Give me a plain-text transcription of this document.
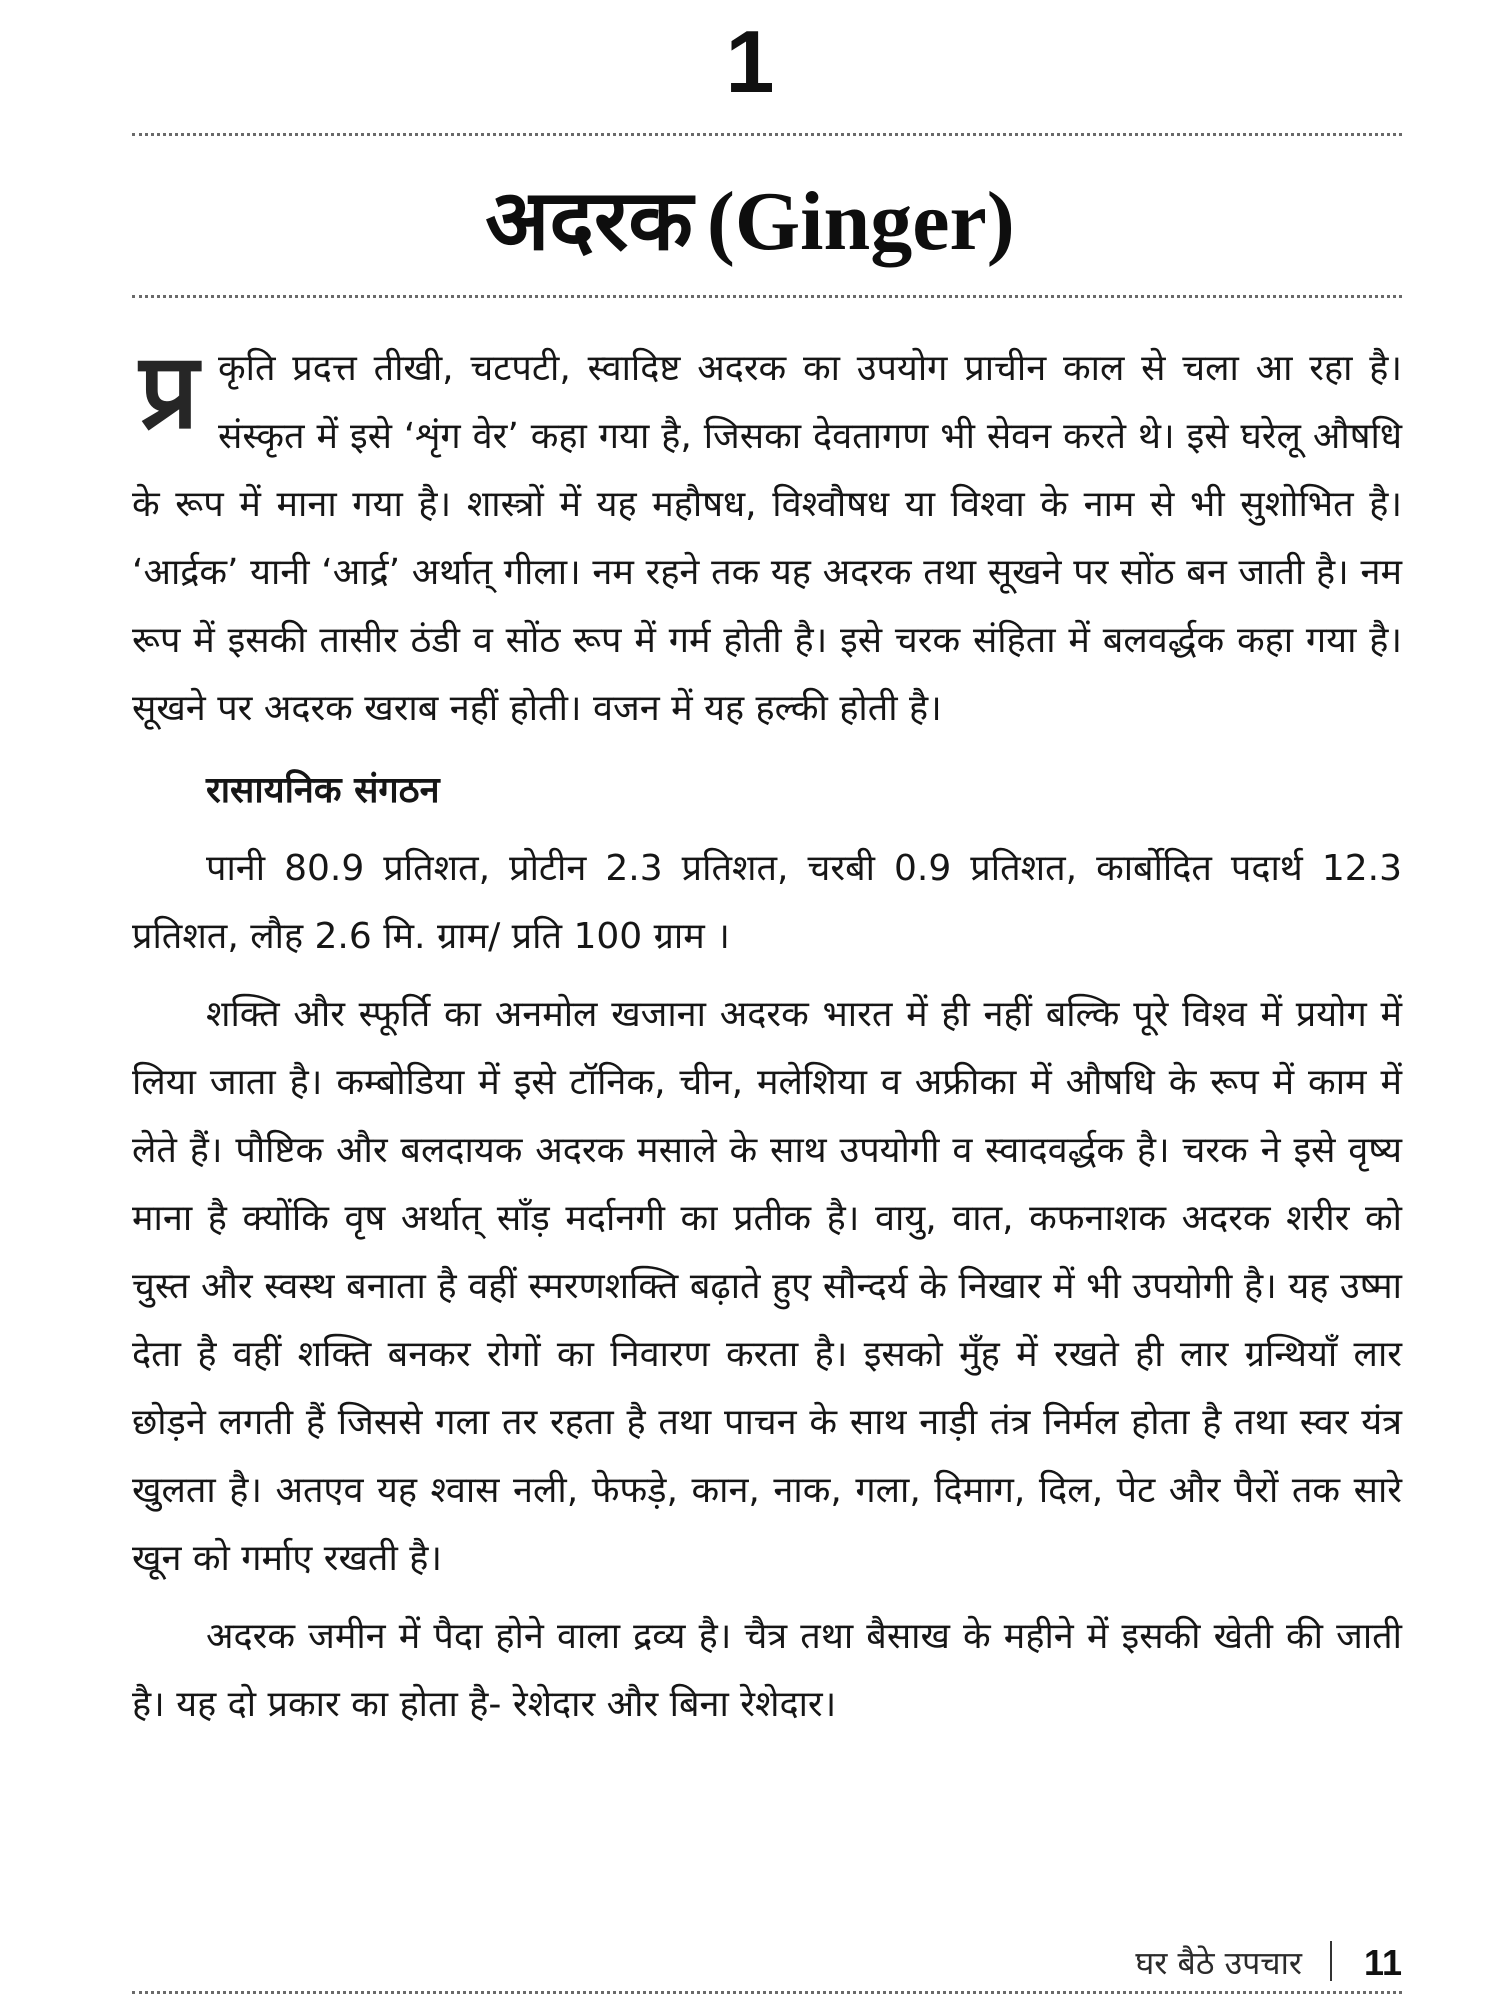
1
अदरक (Ginger)

प्र कृति प्रदत्त तीखी, चटपटी, स्वादिष्ट अदरक का उपयोग प्राचीन काल से चला आ रहा है। संस्कृत में इसे ‘शृंग वेर’ कहा गया है, जिसका देवतागण भी सेवन करते थे। इसे घरेलू औषधि के रूप में माना गया है। शास्त्रों में यह महौषध, विश्वौषध या विश्वा के नाम से भी सुशोभित है। ‘आर्द्रक’ यानी ‘आर्द्र’ अर्थात् गीला। नम रहने तक यह अदरक तथा सूखने पर सोंठ बन जाती है। नम रूप में इसकी तासीर ठंडी व सोंठ रूप में गर्म होती है। इसे चरक संहिता में बलवर्द्धक कहा गया है। सूखने पर अदरक खराब नहीं होती। वजन में यह हल्की होती है।

रासायनिक संगठन

पानी 80.9 प्रतिशत, प्रोटीन 2.3 प्रतिशत, चरबी 0.9 प्रतिशत, कार्बोदित पदार्थ 12.3 प्रतिशत, लौह 2.6 मि. ग्राम/ प्रति 100 ग्राम ।

शक्ति और स्फूर्ति का अनमोल खजाना अदरक भारत में ही नहीं बल्कि पूरे विश्व में प्रयोग में लिया जाता है। कम्बोडिया में इसे टॉनिक, चीन, मलेशिया व अफ्रीका में औषधि के रूप में काम में लेते हैं। पौष्टिक और बलदायक अदरक मसाले के साथ उपयोगी व स्वादवर्द्धक है। चरक ने इसे वृष्य माना है क्योंकि वृष अर्थात् साँड़ मर्दानगी का प्रतीक है। वायु, वात, कफनाशक अदरक शरीर को चुस्त और स्वस्थ बनाता है वहीं स्मरणशक्ति बढ़ाते हुए सौन्दर्य के निखार में भी उपयोगी है। यह उष्मा देता है वहीं शक्ति बनकर रोगों का निवारण करता है। इसको मुँह में रखते ही लार ग्रन्थियाँ लार छोड़ने लगती हैं जिससे गला तर रहता है तथा पाचन के साथ नाड़ी तंत्र निर्मल होता है तथा स्वर यंत्र खुलता है। अतएव यह श्वास नली, फेफड़े, कान, नाक, गला, दिमाग, दिल, पेट और पैरों तक सारे खून को गर्माए रखती है।

अदरक जमीन में पैदा होने वाला द्रव्य है। चैत्र तथा बैसाख के महीने में इसकी खेती की जाती है। यह दो प्रकार का होता है- रेशेदार और बिना रेशेदार।

घर बैठे उपचार 11
